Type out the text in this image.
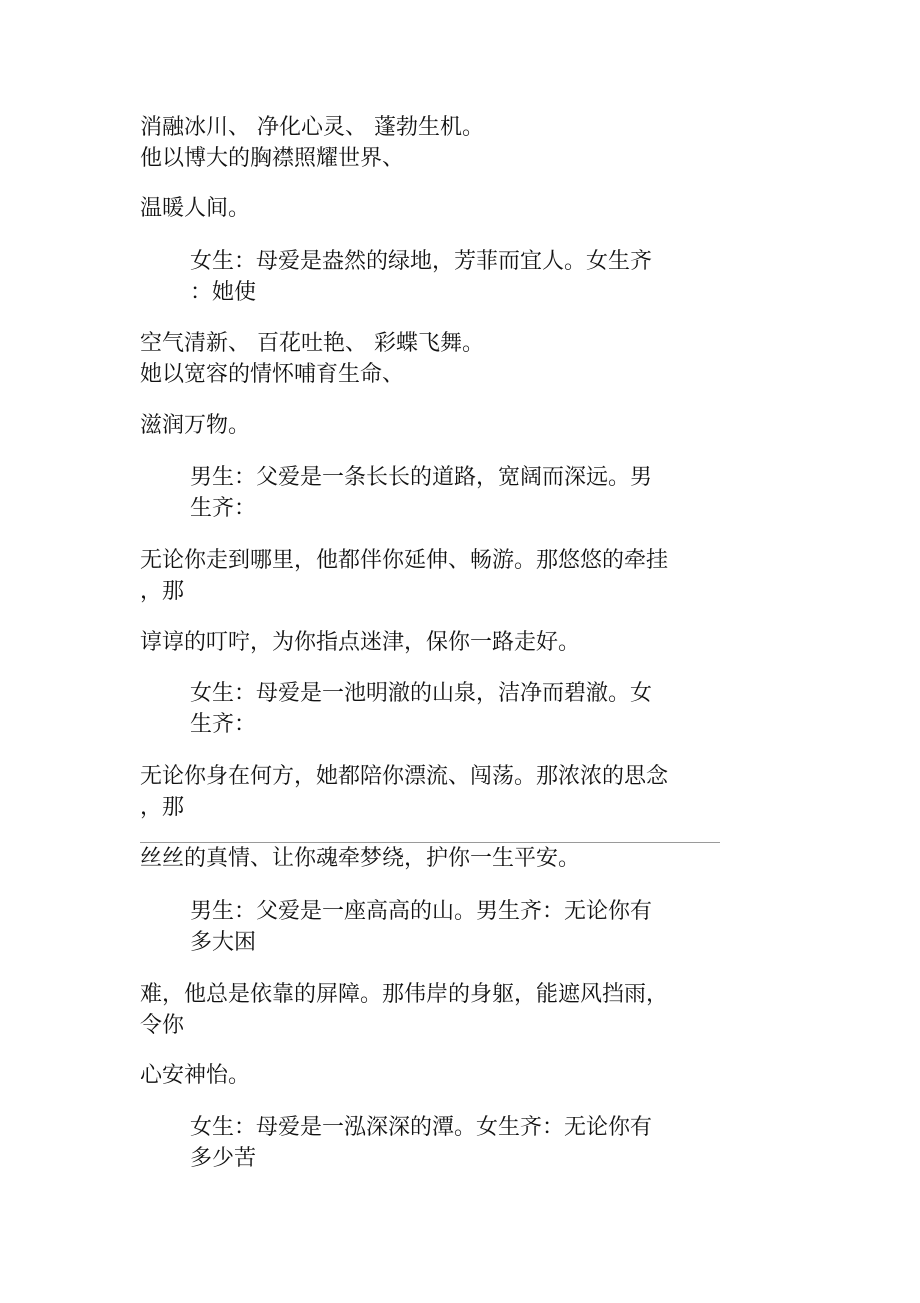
消融冰川、 净化心灵、 蓬勃生机。

他以博大的胸襟照耀世界、

温暖人间。

女生：母爱是盎然的绿地，芳菲而宜人。女生齐

：她使

空气清新、 百花吐艳、 彩蝶飞舞。

她以宽容的情怀哺育生命、

滋润万物。

男生：父爱是一条长长的道路，宽阔而深远。男

生齐：

无论你走到哪里，他都伴你延伸、畅游。那悠悠的牵挂

，那

谆谆的叮咛，为你指点迷津，保你一路走好。

女生：母爱是一池明澈的山泉，洁净而碧澈。女

生齐：

无论你身在何方，她都陪你漂流、闯荡。那浓浓的思念

，那

丝丝的真情、让你魂牵梦绕，护你一生平安。

男生：父爱是一座高高的山。男生齐：无论你有

多大困

难，他总是依靠的屏障。那伟岸的身躯，能遮风挡雨，

令你

心安神怡。

女生：母爱是一泓深深的潭。女生齐：无论你有

多少苦
